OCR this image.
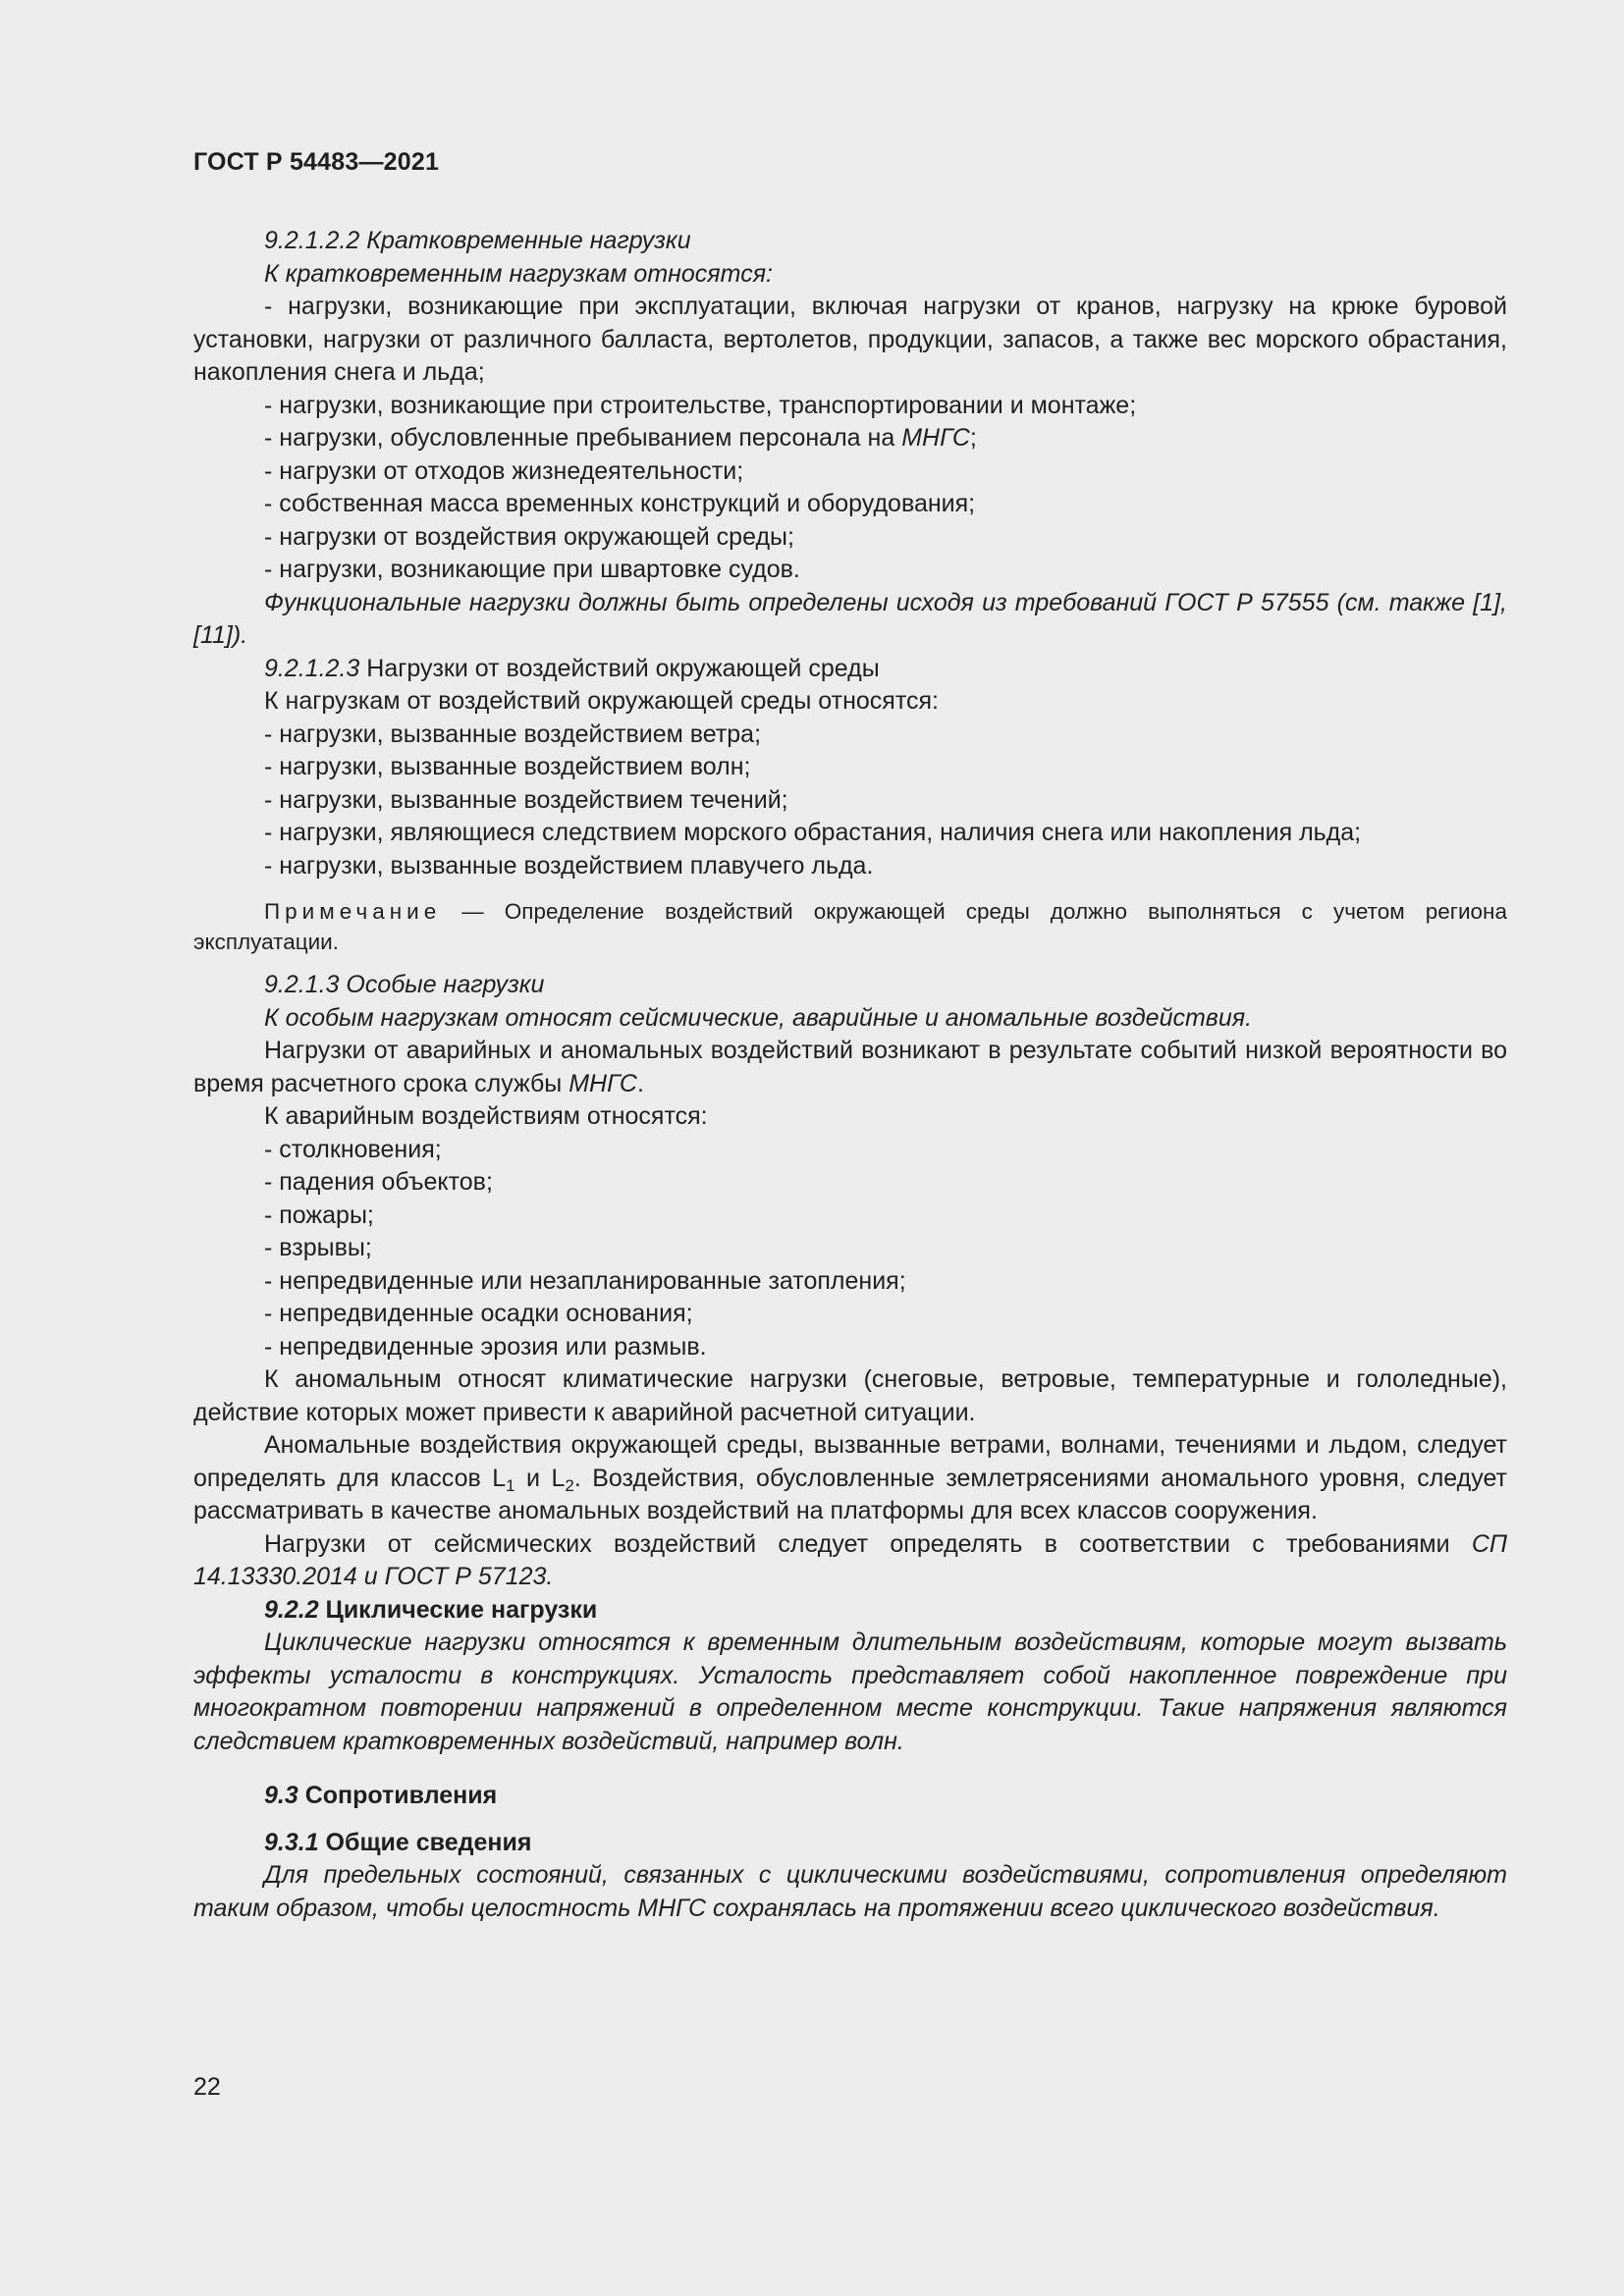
ГОСТ Р 54483—2021

9.2.1.2.2 Кратковременные нагрузки

К кратковременным нагрузкам относятся:

- нагрузки, возникающие при эксплуатации, включая нагрузки от кранов, нагрузку на крюке буровой установки, нагрузки от различного балласта, вертолетов, продукции, запасов, а также вес морского обрастания, накопления снега и льда;

- нагрузки, возникающие при строительстве, транспортировании и монтаже;

- нагрузки, обусловленные пребыванием персонала на МНГС;

- нагрузки от отходов жизнедеятельности;

- собственная масса временных конструкций и оборудования;

- нагрузки от воздействия окружающей среды;

- нагрузки, возникающие при швартовке судов.

Функциональные нагрузки должны быть определены исходя из требований ГОСТ Р 57555 (см. также [1], [11]).

9.2.1.2.3 Нагрузки от воздействий окружающей среды

К нагрузкам от воздействий окружающей среды относятся:

- нагрузки, вызванные воздействием ветра;

- нагрузки, вызванные воздействием волн;

- нагрузки, вызванные воздействием течений;

- нагрузки, являющиеся следствием морского обрастания, наличия снега или накопления льда;

- нагрузки, вызванные воздействием плавучего льда.

Примечание — Определение воздействий окружающей среды должно выполняться с учетом региона эксплуатации.

9.2.1.3 Особые нагрузки

К особым нагрузкам относят сейсмические, аварийные и аномальные воздействия.

Нагрузки от аварийных и аномальных воздействий возникают в результате событий низкой вероятности во время расчетного срока службы МНГС.

К аварийным воздействиям относятся:

- столкновения;

- падения объектов;

- пожары;

- взрывы;

- непредвиденные или незапланированные затопления;

- непредвиденные осадки основания;

- непредвиденные эрозия или размыв.

К аномальным относят климатические нагрузки (снеговые, ветровые, температурные и гололедные), действие которых может привести к аварийной расчетной ситуации.

Аномальные воздействия окружающей среды, вызванные ветрами, волнами, течениями и льдом, следует определять для классов $L_1$ и $L_2$. Воздействия, обусловленные землетрясениями аномального уровня, следует рассматривать в качестве аномальных воздействий на платформы для всех классов сооружения.

Нагрузки от сейсмических воздействий следует определять в соответствии с требованиями СП 14.13330.2014 и ГОСТ Р 57123.

9.2.2 Циклические нагрузки

Циклические нагрузки относятся к временным длительным воздействиям, которые могут вызвать эффекты усталости в конструкциях. Усталость представляет собой накопленное повреждение при многократном повторении напряжений в определенном месте конструкции. Такие напряжения являются следствием кратковременных воздействий, например волн.

9.3 Сопротивления

9.3.1 Общие сведения

Для предельных состояний, связанных с циклическими воздействиями, сопротивления определяют таким образом, чтобы целостность МНГС сохранялась на протяжении всего циклического воздействия.

22
